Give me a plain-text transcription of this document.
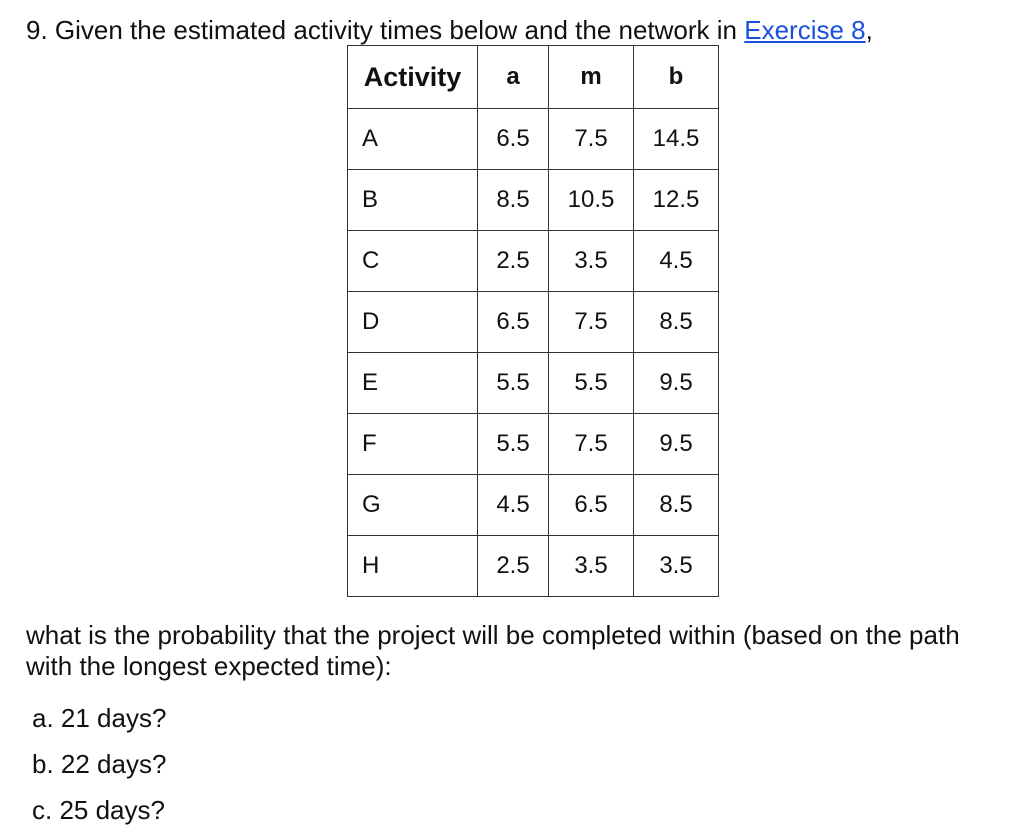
9. Given the estimated activity times below and the network in Exercise 8,
Activity	a	m	b
A	6.5	7.5	14.5
B	8.5	10.5	12.5
C	2.5	3.5	4.5
D	6.5	7.5	8.5
E	5.5	5.5	9.5
F	5.5	7.5	9.5
G	4.5	6.5	8.5
H	2.5	3.5	3.5
what is the probability that the project will be completed within (based on the path with the longest expected time):
a. 21 days?
b. 22 days?
c. 25 days?
